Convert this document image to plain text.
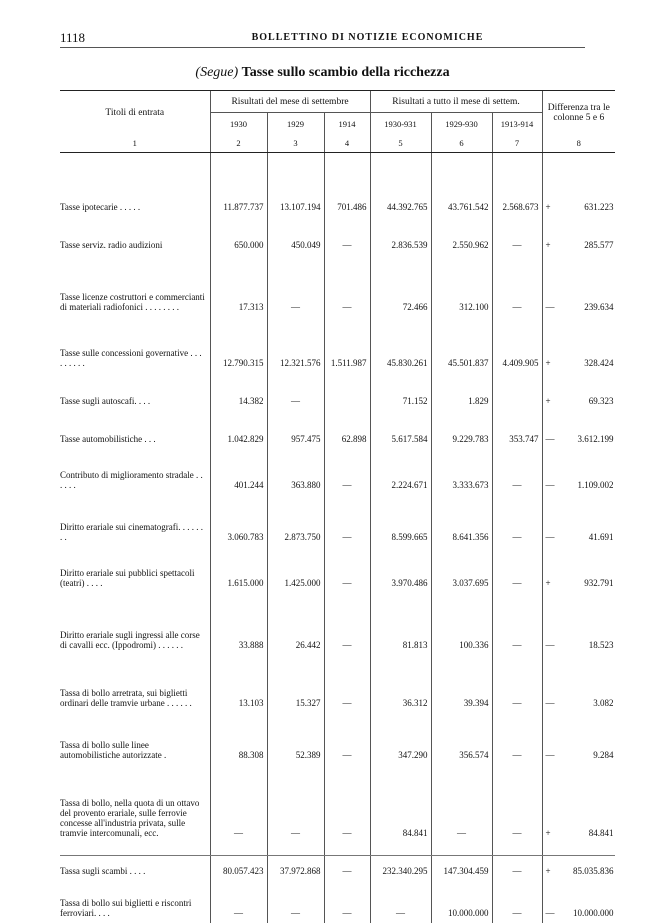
1118	BOLLETTINO DI NOTIZIE ECONOMICHE
(Segue) Tasse sullo scambio della ricchezza
Titoli di entrata	Risultati del mese di settembre			Risultati a tutto il mese di settem.			Differenza tra le colonne 5 e 6
	1930	1929	1914	1930-931	1929-930	1913-914	
1	2	3	4	5	6	7	8

Tasse ipotecarie . . . . .	11.877.737	13.107.194	701.486	44.392.765	43.761.542	2.568.673	+ 631.223
Tasse serviz. radio audizioni	650.000	450.049	—	2.836.539	2.550.962	—	+ 285.577
Tasse licenze costruttori e commercianti di materiali radiofonici . . . . . . . .	17.313	—	—	72.466	312.100	—	— 239.634
Tasse sulle concessioni governative . . . . . . . . .	12.790.315	12.321.576	1.511.987	45.830.261	45.501.837	4.409.905	+ 328.424
Tasse sugli autoscafi. . . .	14.382	—		71.152	1.829		+ 69.323
Tasse automobilistiche . . .	1.042.829	957.475	62.898	5.617.584	9.229.783	353.747	— 3.612.199
Contributo di miglioramento stradale . . . . . .	401.244	363.880	—	2.224.671	3.333.673	—	— 1.109.002
Diritto erariale sui cinematografi. . . . . . . .	3.060.783	2.873.750	—	8.599.665	8.641.356	—	— 41.691
Diritto erariale sui pubblici spettacoli (teatri) . . . .	1.615.000	1.425.000	—	3.970.486	3.037.695	—	+ 932.791
Diritto erariale sugli ingressi alle corse di cavalli ecc. (Ippodromi) . . . . . .	33.888	26.442	—	81.813	100.336	—	— 18.523
Tassa di bollo arretrata, sui biglietti ordinari delle tramvie urbane . . . . . .	13.103	15.327	—	36.312	39.394	—	— 3.082
Tassa di bollo sulle linee automobilistiche autorizzate .	88.308	52.389	—	347.290	356.574	—	— 9.284
Tassa di bollo, nella quota di un ottavo del provento erariale, sulle ferrovie concesse all'industria privata, sulle tramvie intercomunali, ecc.	—	—	—	84.841	—	—	+ 84.841
Tassa sugli scambi . . . .	80.057.423	37.972.868	—	232.340.295	147.304.459	—	+ 85.035.836
Tassa di bollo sui biglietti e riscontri ferroviari. . . .	—	—	—	—	10.000.000	—	— 10.000.000
